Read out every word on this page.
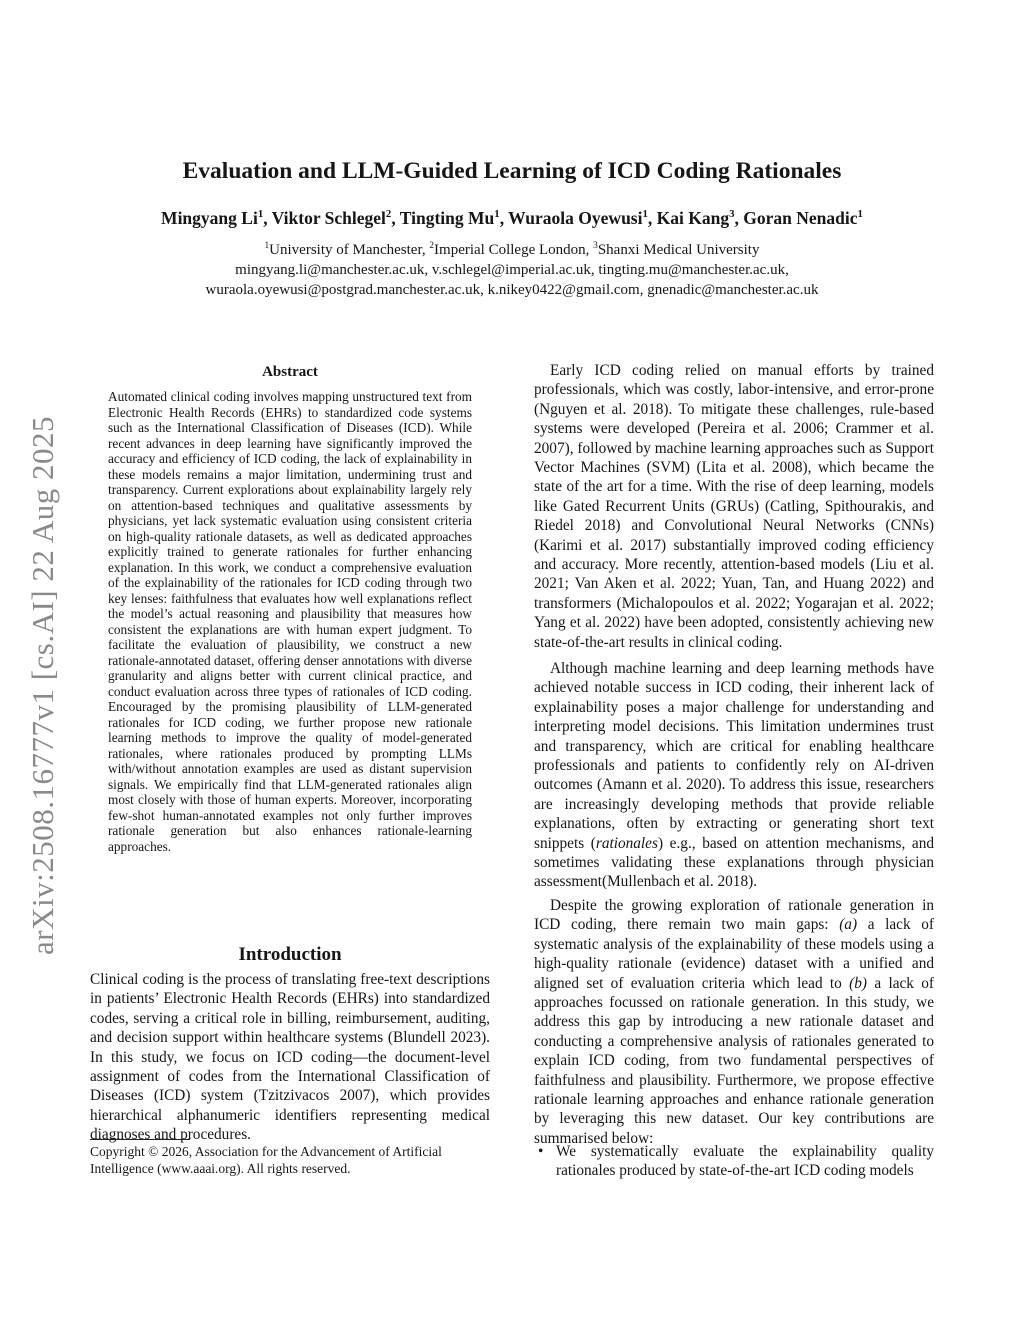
Evaluation and LLM-Guided Learning of ICD Coding Rationales
Mingyang Li$^1$, Viktor Schlegel$^2$, Tingting Mu$^1$, Wuraola Oyewusi$^1$, Kai Kang$^3$, Goran Nenadic$^1$
$^1$University of Manchester, $^2$Imperial College London, $^3$Shanxi Medical University
mingyang.li@manchester.ac.uk, v.schlegel@imperial.ac.uk, tingting.mu@manchester.ac.uk,
wuraola.oyewusi@postgrad.manchester.ac.uk, k.nikey0422@gmail.com, gnenadic@manchester.ac.uk
arXiv:2508.16777v1 [cs.AI] 22 Aug 2025
Abstract
Automated clinical coding involves mapping unstructured text from Electronic Health Records (EHRs) to standardized code systems such as the International Classification of Diseases (ICD). While recent advances in deep learning have significantly improved the accuracy and efficiency of ICD coding, the lack of explainability in these models remains a major limitation, undermining trust and transparency. Current explorations about explainability largely rely on attention-based techniques and qualitative assessments by physicians, yet lack systematic evaluation using consistent criteria on high-quality rationale datasets, as well as dedicated approaches explicitly trained to generate rationales for further enhancing explanation. In this work, we conduct a comprehensive evaluation of the explainability of the rationales for ICD coding through two key lenses: faithfulness that evaluates how well explanations reflect the model’s actual reasoning and plausibility that measures how consistent the explanations are with human expert judgment. To facilitate the evaluation of plausibility, we construct a new rationale-annotated dataset, offering denser annotations with diverse granularity and aligns better with current clinical practice, and conduct evaluation across three types of rationales of ICD coding. Encouraged by the promising plausibility of LLM-generated rationales for ICD coding, we further propose new rationale learning methods to improve the quality of model-generated rationales, where rationales produced by prompting LLMs with/without annotation examples are used as distant supervision signals. We empirically find that LLM-generated rationales align most closely with those of human experts. Moreover, incorporating few-shot human-annotated examples not only further improves rationale generation but also enhances rationale-learning approaches.
Introduction
Clinical coding is the process of translating free-text descriptions in patients’ Electronic Health Records (EHRs) into standardized codes, serving a critical role in billing, reimbursement, auditing, and decision support within healthcare systems (Blundell 2023). In this study, we focus on ICD coding—the document-level assignment of codes from the International Classification of Diseases (ICD) system (Tzitzivacos 2007), which provides hierarchical alphanumeric identifiers representing medical diagnoses and procedures.
Copyright © 2026, Association for the Advancement of Artificial Intelligence (www.aaai.org). All rights reserved.
Early ICD coding relied on manual efforts by trained professionals, which was costly, labor-intensive, and error-prone (Nguyen et al. 2018). To mitigate these challenges, rule-based systems were developed (Pereira et al. 2006; Crammer et al. 2007), followed by machine learning approaches such as Support Vector Machines (SVM) (Lita et al. 2008), which became the state of the art for a time. With the rise of deep learning, models like Gated Recurrent Units (GRUs) (Catling, Spithourakis, and Riedel 2018) and Convolutional Neural Networks (CNNs) (Karimi et al. 2017) substantially improved coding efficiency and accuracy. More recently, attention-based models (Liu et al. 2021; Van Aken et al. 2022; Yuan, Tan, and Huang 2022) and transformers (Michalopoulos et al. 2022; Yogarajan et al. 2022; Yang et al. 2022) have been adopted, consistently achieving new state-of-the-art results in clinical coding.
Although machine learning and deep learning methods have achieved notable success in ICD coding, their inherent lack of explainability poses a major challenge for understanding and interpreting model decisions. This limitation undermines trust and transparency, which are critical for enabling healthcare professionals and patients to confidently rely on AI-driven outcomes (Amann et al. 2020). To address this issue, researchers are increasingly developing methods that provide reliable explanations, often by extracting or generating short text snippets (rationales) e.g., based on attention mechanisms, and sometimes validating these explanations through physician assessment(Mullenbach et al. 2018).
Despite the growing exploration of rationale generation in ICD coding, there remain two main gaps: (a) a lack of systematic analysis of the explainability of these models using a high-quality rationale (evidence) dataset with a unified and aligned set of evaluation criteria which lead to (b) a lack of approaches focussed on rationale generation. In this study, we address this gap by introducing a new rationale dataset and conducting a comprehensive analysis of rationales generated to explain ICD coding, from two fundamental perspectives of faithfulness and plausibility. Furthermore, we propose effective rationale learning approaches and enhance rationale generation by leveraging this new dataset. Our key contributions are summarised below:
• We systematically evaluate the explainability quality rationales produced by state-of-the-art ICD coding models
